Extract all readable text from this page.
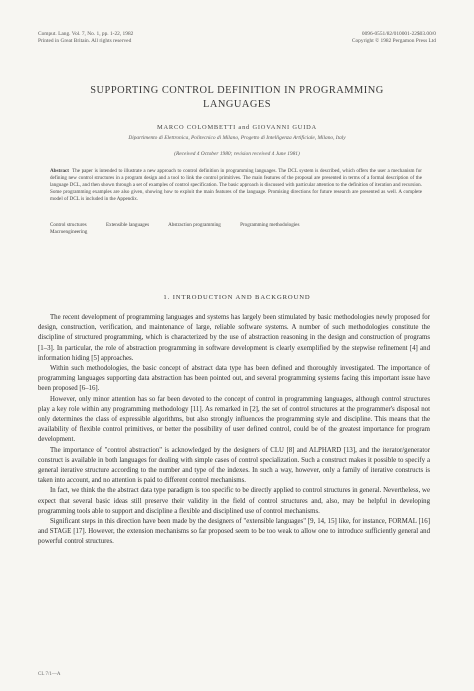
Comput. Lang. Vol. 7, No. 1, pp. 1-22, 1982
Printed in Great Britain. All rights reserved
0096-0551/82/010001-22$03.00/0
Copyright © 1982 Pergamon Press Ltd
SUPPORTING CONTROL DEFINITION IN PROGRAMMING LANGUAGES
MARCO COLOMBETTI and GIOVANNI GUIDA
Dipartimento di Elettronica, Politecnico di Milano, Progetto di Intelligenza Artificiale, Milano, Italy
(Received 4 October 1980; revision received 4 June 1981)
Abstract The paper is intended to illustrate a new approach to control definition in programming languages. The DCL system is described, which offers the user a mechanism for defining new control structures in a program design and a tool to link the control primitives. The main features of the proposal are presented in terms of a formal description of the language DCL, and then shown through a set of examples of control specification. The basic approach is discussed with particular attention to the definition of iteration and recursion. Some programming examples are also given, showing how to exploit the main features of the language. Promising directions for future research are presented as well. A complete model of DCL is included in the Appendix.
Control structures	Extensible languages	Abstraction programming	Programming methodologies
Macroengineering
1. INTRODUCTION AND BACKGROUND

The recent development of programming languages and systems has largely been stimulated by basic methodologies newly proposed for design, construction, verification, and maintenance of large, reliable software systems. A number of such methodologies constitute the discipline of structured programming, which is characterized by the use of abstraction reasoning in the design and construction of programs [1–3]. In particular, the role of abstraction programming in software development is clearly exemplified by the stepwise refinement [4] and information hiding [5] approaches.

Within such methodologies, the basic concept of abstract data type has been defined and thoroughly investigated. The importance of programming languages supporting data abstraction has been pointed out, and several programming systems facing this important issue have been proposed [6–16].

However, only minor attention has so far been devoted to the concept of control in programming languages, although control structures play a key role within any programming methodology [11]. As remarked in [2], the set of control structures at the programmer's disposal not only determines the class of expressible algorithms, but also strongly influences the programming style and discipline. This means that the availability of flexible control primitives, or better the possibility of user defined control, could be of the greatest importance for program development.

The importance of "control abstraction" is acknowledged by the designers of CLU [8] and ALPHARD [13], and the iterator/generator construct is available in both languages for dealing with simple cases of control specialization. Such a construct makes it possible to specify a general iterative structure according to the number and type of the indexes. In such a way, however, only a family of iterative constructs is taken into account, and no attention is paid to different control mechanisms.

In fact, we think the the abstract data type paradigm is too specific to be directly applied to control structures in general. Nevertheless, we expect that several basic ideas still preserve their validity in the field of control structures and, also, may be helpful in developing programming tools able to support and discipline a flexible and disciplined use of control mechanisms.

Significant steps in this direction have been made by the designers of "extensible languages" [9, 14, 15] like, for instance, FORMAL [16] and STAGE [17]. However, the extension mechanisms so far proposed seem to be too weak to allow one to introduce sufficiently general and powerful control structures.

CL 7/1—A
